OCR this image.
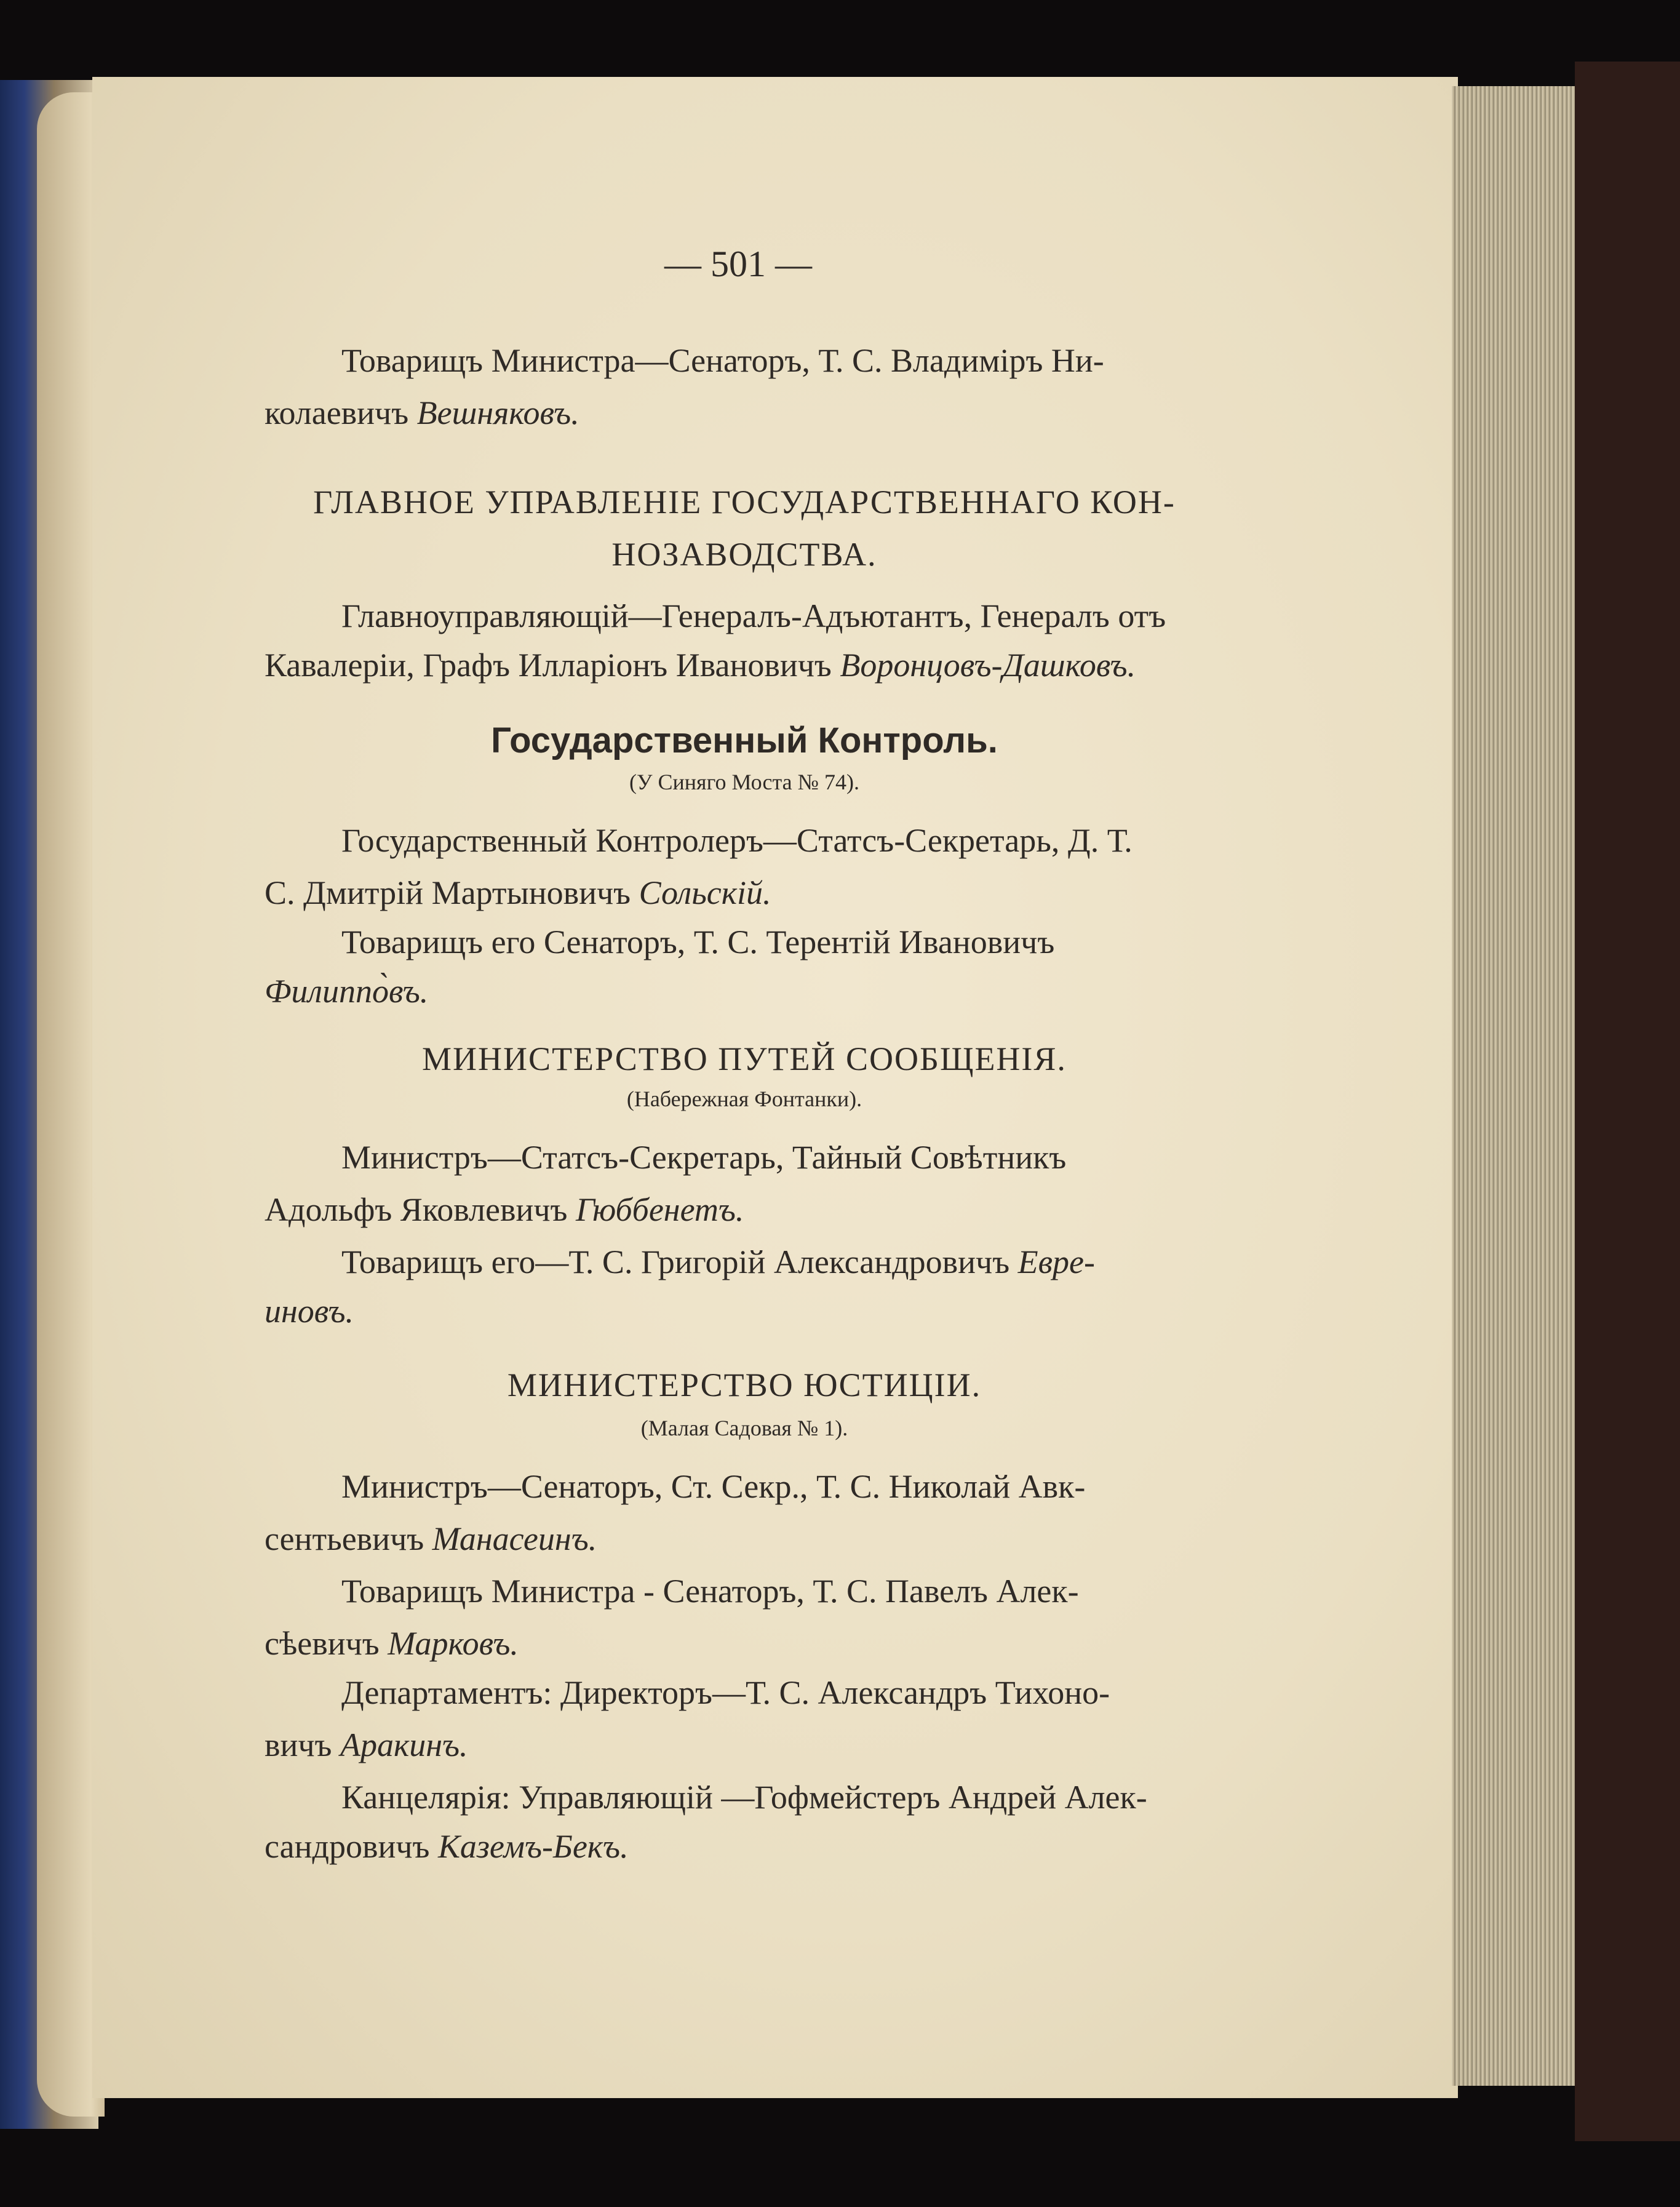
— 501 —
Товарищъ Министра—Сенаторъ, Т. С. Владиміръ Ни-
колаевичъ Вешняковъ.
ГЛАВНОЕ УПРАВЛЕНІЕ ГОСУДАРСТВЕННАГО КОН-
НОЗАВОДСТВА.
Главноуправляющій—Генералъ-Адъютантъ, Генералъ отъ
Кавалеріи, Графъ Илларіонъ Ивановичъ Воронцовъ-Дашковъ.
Государственный Контроль.
(У Синяго Моста № 74).
Государственный Контролеръ—Статсъ-Секретарь, Д. Т.
С. Дмитрій Мартыновичъ Сольскій.
Товарищъ его Сенаторъ, Т. С. Терентій Ивановичъ
Филиппо̀въ.
МИНИСТЕРСТВО ПУТЕЙ СООБЩЕНІЯ.
(Набережная Фонтанки).
Министръ—Статсъ-Секретарь, Тайный Совѣтникъ
Адольфъ Яковлевичъ Гюббенетъ.
Товарищъ его—Т. С. Григорій Александровичъ Евре-
иновъ.
МИНИСТЕРСТВО ЮСТИЦІИ.
(Малая Садовая № 1).
Министръ—Сенаторъ, Ст. Секр., Т. С. Николай Авк-
сентьевичъ Манасеинъ.
Товарищъ Министра - Сенаторъ, Т. С. Павелъ Алек-
сѣевичъ Марковъ.
Департаментъ: Директоръ—Т. С. Александръ Тихоно-
вичъ Аракинъ.
Канцелярія: Управляющій —Гофмейстеръ Андрей Алек-
сандровичъ Каземъ-Бекъ.
